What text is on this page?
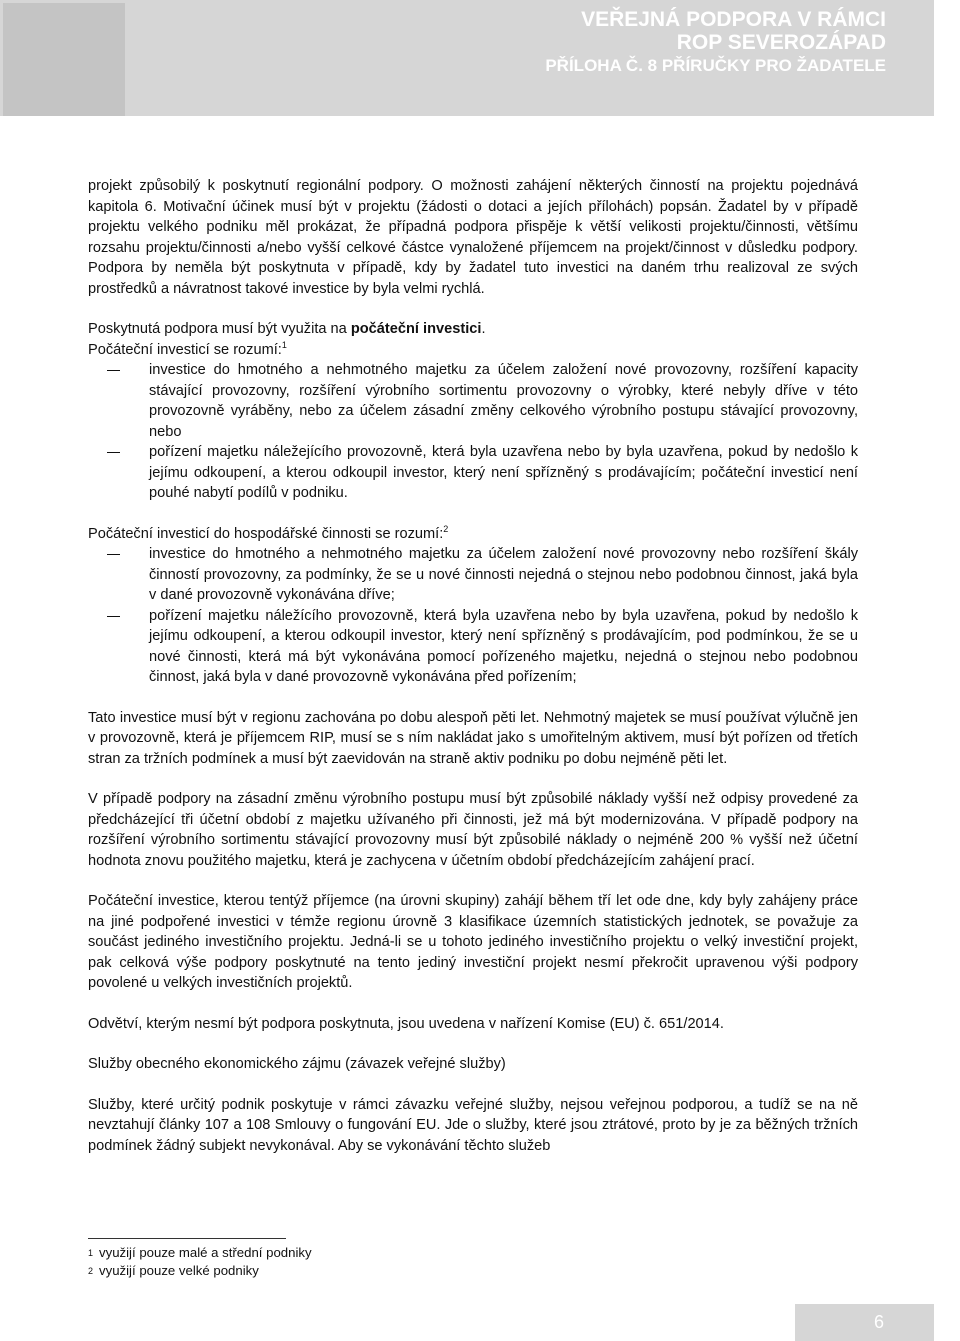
VEŘEJNÁ PODPORA V RÁMCI
ROP SEVEROZÁPAD
PŘÍLOHA Č. 8 PŘÍRUČKY PRO ŽADATELE

projekt způsobilý k poskytnutí regionální podpory. O možnosti zahájení některých činností na projektu pojednává kapitola 6. Motivační účinek musí být v projektu (žádosti o dotaci a jejích přílohách) popsán. Žadatel by v případě projektu velkého podniku měl prokázat, že případná podpora přispěje k větší velikosti projektu/činnosti, většímu rozsahu projektu/činnosti a/nebo vyšší celkové částce vynaložené příjemcem na projekt/činnost v důsledku podpory. Podpora by neměla být poskytnuta v případě, kdy by žadatel tuto investici na daném trhu realizoval ze svých prostředků a návratnost takové investice by byla velmi rychlá.

Poskytnutá podpora musí být využita na počáteční investici.

Počáteční investicí se rozumí:$^1$

investice do hmotného a nehmotného majetku za účelem založení nové provozovny, rozšíření kapacity stávající provozovny, rozšíření výrobního sortimentu provozovny o výrobky, které nebyly dříve v této provozovně vyráběny, nebo za účelem zásadní změny celkového výrobního postupu stávající provozovny, nebo
pořízení majetku náležejícího provozovně, která byla uzavřena nebo by byla uzavřena, pokud by nedošlo k jejímu odkoupení, a kterou odkoupil investor, který není spřízněný s prodávajícím; počáteční investicí není pouhé nabytí podílů v podniku.

Počáteční investicí do hospodářské činnosti se rozumí:$^2$

investice do hmotného a nehmotného majetku za účelem založení nové provozovny nebo rozšíření škály činností provozovny, za podmínky, že se u nové činnosti nejedná o stejnou nebo podobnou činnost, jaká byla v dané provozovně vykonávána dříve;
pořízení majetku náležícího provozovně, která byla uzavřena nebo by byla uzavřena, pokud by nedošlo k jejímu odkoupení, a kterou odkoupil investor, který není spřízněný s prodávajícím, pod podmínkou, že se u nové činnosti, která má být vykonávána pomocí pořízeného majetku, nejedná o stejnou nebo podobnou činnost, jaká byla v dané provozovně vykonávána před pořízením;

Tato investice musí být v regionu zachována po dobu alespoň pěti let. Nehmotný majetek se musí používat výlučně jen v provozovně, která je příjemcem RIP, musí se s ním nakládat jako s umořitelným aktivem, musí být pořízen od třetích stran za tržních podmínek a musí být zaevidován na straně aktiv podniku po dobu nejméně pěti let.

V případě podpory na zásadní změnu výrobního postupu musí být způsobilé náklady vyšší než odpisy provedené za předcházející tři účetní období z majetku užívaného při činnosti, jež má být modernizována. V případě podpory na rozšíření výrobního sortimentu stávající provozovny musí být způsobilé náklady o nejméně 200 % vyšší než účetní hodnota znovu použitého majetku, která je zachycena v účetním období předcházejícím zahájení prací.

Počáteční investice, kterou tentýž příjemce (na úrovni skupiny) zahájí během tří let ode dne, kdy byly zahájeny práce na jiné podpořené investici v témže regionu úrovně 3 klasifikace územních statistických jednotek, se považuje za součást jediného investičního projektu. Jedná-li se u tohoto jediného investičního projektu o velký investiční projekt, pak celková výše podpory poskytnuté na tento jediný investiční projekt nesmí překročit upravenou výši podpory povolené u velkých investičních projektů.

Odvětví, kterým nesmí být podpora poskytnuta, jsou uvedena v nařízení Komise (EU) č. 651/2014.

Služby obecného ekonomického zájmu (závazek veřejné služby)

Služby, které určitý podnik poskytuje v rámci závazku veřejné služby, nejsou veřejnou podporou, a tudíž se na ně nevztahují články 107 a 108 Smlouvy o fungování EU. Jde o služby, které jsou ztrátové, proto by je za běžných tržních podmínek žádný subjekt nevykonával. Aby se vykonávání těchto služeb

$^1$ využijí pouze malé a střední podniky
$^2$ využijí pouze velké podniky
6
